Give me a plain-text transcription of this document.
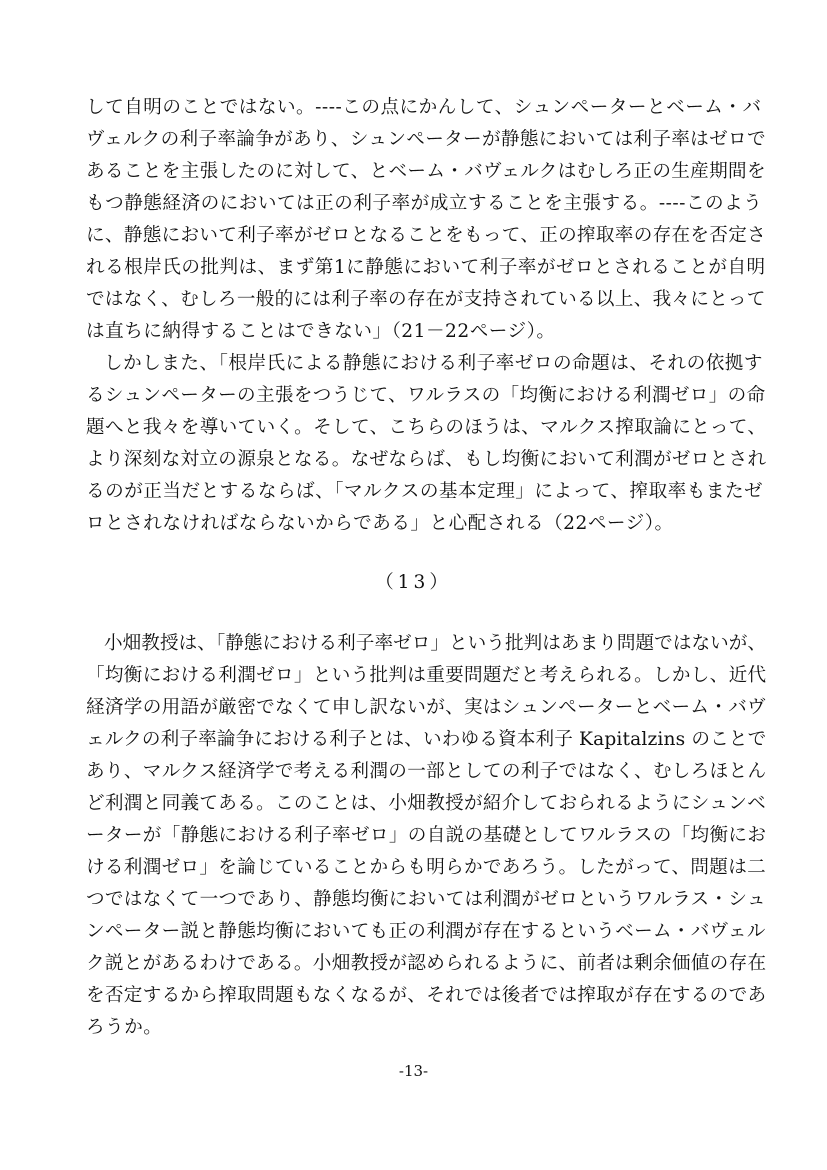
して自明のことではない。----この点にかんして、シュンペーターとベーム・バ
ヴェルクの利子率論争があり、シュンペーターが静態においては利子率はゼロで
あることを主張したのに対して、とベーム・バヴェルクはむしろ正の生産期間を
もつ静態経済のにおいては正の利子率が成立することを主張する。----このよう
に、静態において利子率がゼロとなることをもって、正の搾取率の存在を否定さ
れる根岸氏の批判は、まず第1に静態において利子率がゼロとされることが自明
ではなく、むしろ一般的には利子率の存在が支持されている以上、我々にとって
は直ちに納得することはできない」（21－22ページ）。
しかしまた、「根岸氏による静態における利子率ゼロの命題は、それの依拠す
るシュンペーターの主張をつうじて、ワルラスの「均衡における利潤ゼロ」の命
題へと我々を導いていく。そして、こちらのほうは、マルクス搾取論にとって、
より深刻な対立の源泉となる。なぜならば、もし均衡において利潤がゼロとされ
るのが正当だとするならば、「マルクスの基本定理」によって、搾取率もまたゼ
ロとされなければならないからである」と心配される（22ページ）。
（13）
小畑教授は、「静態における利子率ゼロ」という批判はあまり問題ではないが、
「均衡における利潤ゼロ」という批判は重要問題だと考えられる。しかし、近代
経済学の用語が厳密でなくて申し訳ないが、実はシュンペーターとベーム・バヴ
ェルクの利子率論争における利子とは、いわゆる資本利子 Kapitalzins のことで
あり、マルクス経済学で考える利潤の一部としての利子ではなく、むしろほとん
ど利潤と同義てある。このことは、小畑教授が紹介しておられるようにシュンベ
ーターが「静態における利子率ゼロ」の自説の基礎としてワルラスの「均衡にお
ける利潤ゼロ」を論じていることからも明らかであろう。したがって、問題は二
つではなくて一つであり、静態均衡においては利潤がゼロというワルラス・シュ
ンペーター説と静態均衡においても正の利潤が存在するというベーム・バヴェル
ク説とがあるわけである。小畑教授が認められるように、前者は剰余価値の存在
を否定するから搾取問題もなくなるが、それでは後者では搾取が存在するのであ
ろうか。
-13-
